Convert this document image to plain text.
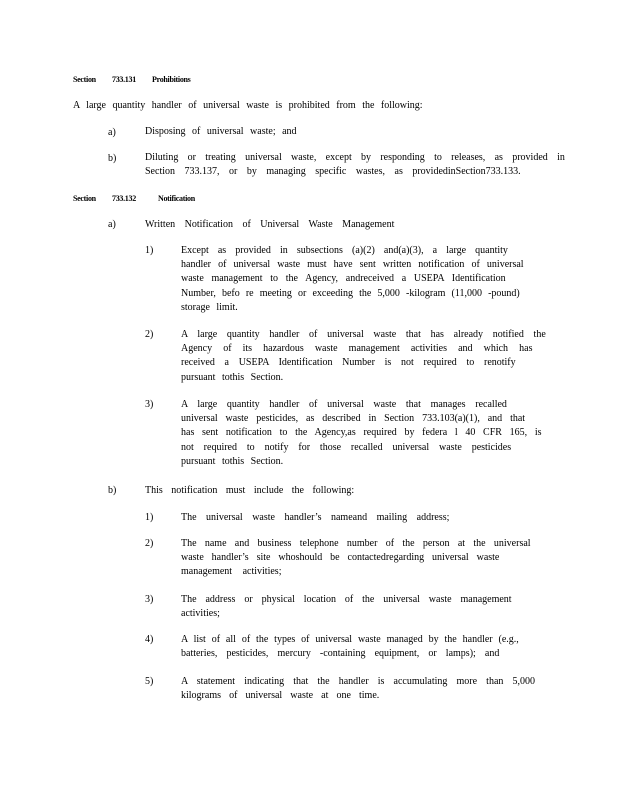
Section 733.131 Prohibitions
A large quantity handler of universal waste is prohibited from the following:
a)	Disposing of universal waste; and
b)	Diluting or treating universal waste, except by responding to releases, as provided in
Section 733.137, or by managing specific wastes, as providedinSection733.133.
Section 733.132	Notification
a)	Written Notification of Universal Waste Management
1)	Except as provided in subsections (a)(2) and(a)(3), a large quantity
handler of universal waste must have sent written notification of universal
waste management to the Agency, andreceived a USEPA Identification
Number, befo re meeting or exceeding the 5,000 -kilogram (11,000 -pound)
storage limit.
2)	A large quantity handler of universal waste that has already notified the
Agency of its hazardous waste management activities and which has
received a USEPA Identification Number is not required to renotify
pursuant tothis Section.
3)	A large quantity handler of universal waste that manages recalled
universal waste pesticides, as described in Section 733.103(a)(1), and that
has sent notification to the Agency,as required by federa l 40 CFR 165, is
not required to notify for those recalled universal waste pesticides
pursuant tothis Section.
b)	This notification must include the following:
1)	The universal waste handler’s nameand mailing address;
2)	The name and business telephone number of the person at the universal
waste handler’s site whoshould be contactedregarding universal waste
management activities;
3)	The address or physical location of the universal waste management
activities;
4)	A list of all of the types of universal waste managed by the handler (e.g.,
batteries, pesticides, mercury -containing equipment, or lamps); and
5)	A statement indicating that the handler is accumulating more than 5,000
kilograms of universal waste at one time.
